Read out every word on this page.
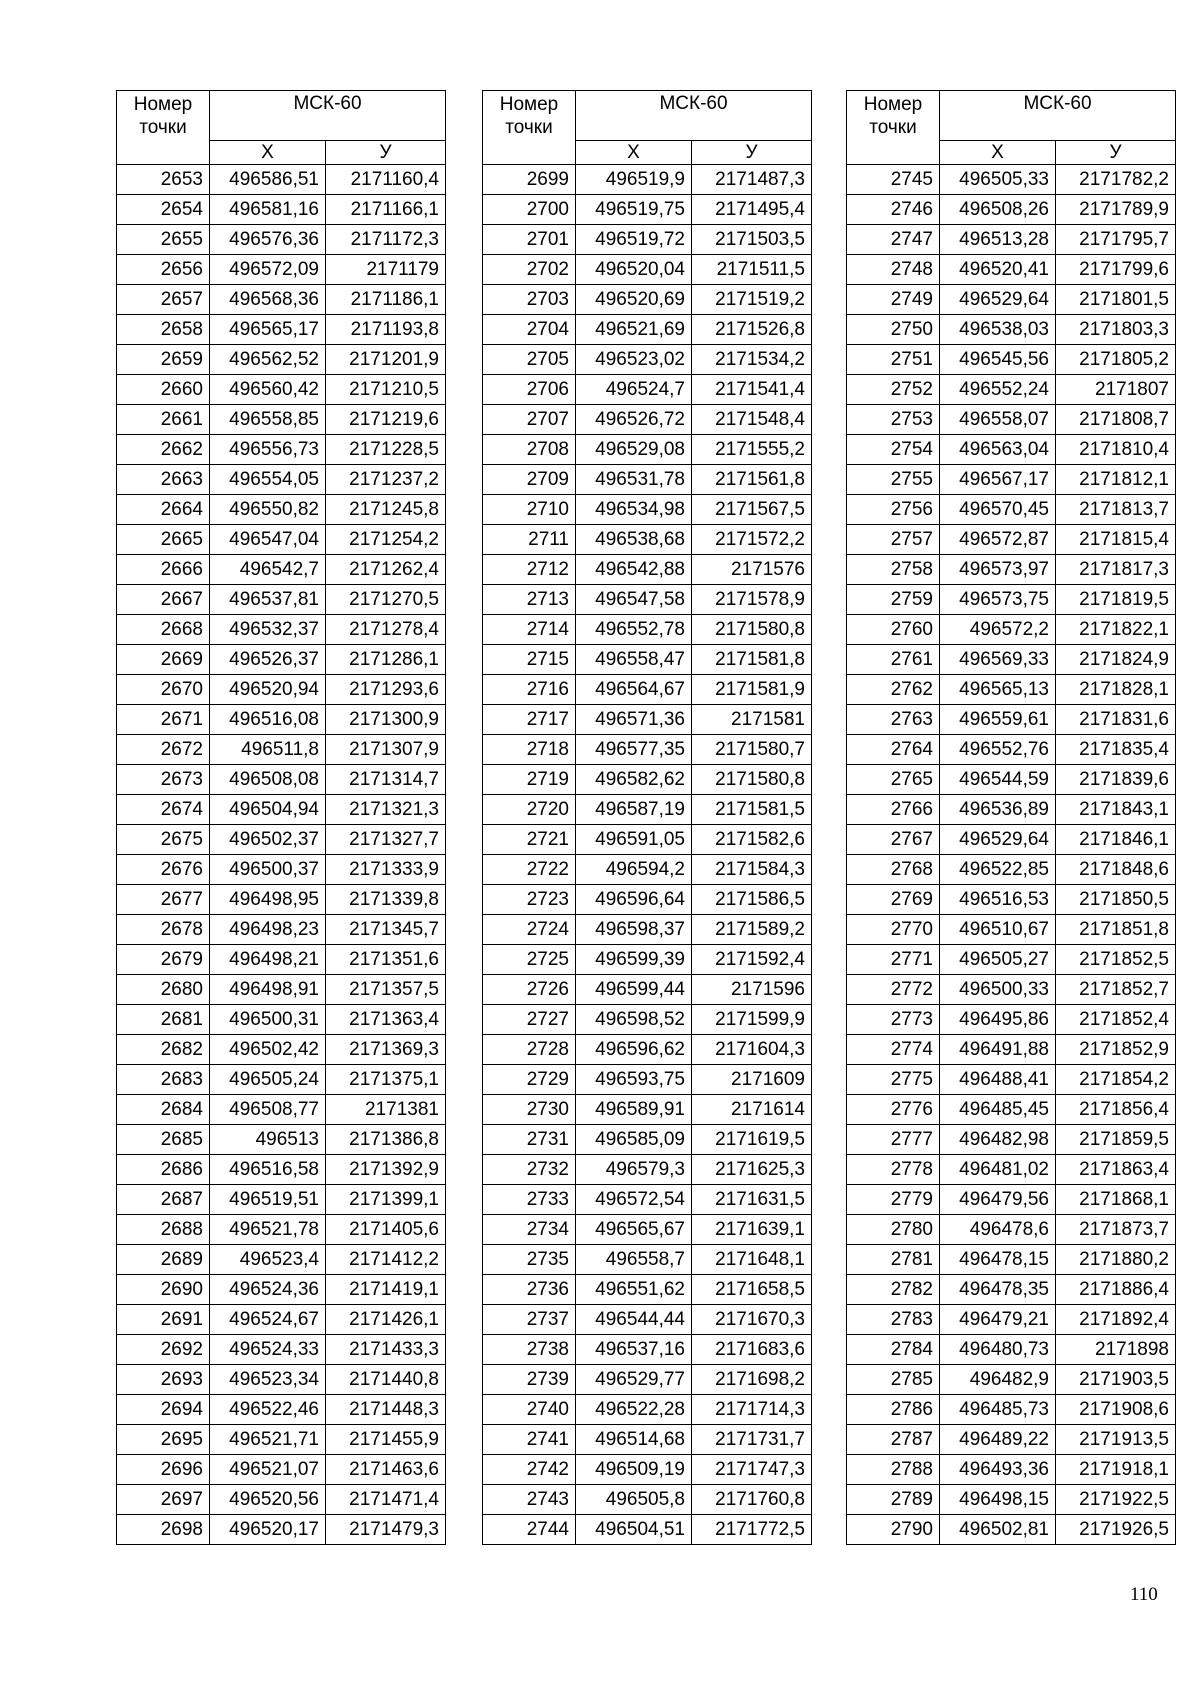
Номер точки	МСК-60	
	Х	У
2653	496586,51	2171160,4
2654	496581,16	2171166,1
2655	496576,36	2171172,3
2656	496572,09	2171179
2657	496568,36	2171186,1
2658	496565,17	2171193,8
2659	496562,52	2171201,9
2660	496560,42	2171210,5
2661	496558,85	2171219,6
2662	496556,73	2171228,5
2663	496554,05	2171237,2
2664	496550,82	2171245,8
2665	496547,04	2171254,2
2666	496542,7	2171262,4
2667	496537,81	2171270,5
2668	496532,37	2171278,4
2669	496526,37	2171286,1
2670	496520,94	2171293,6
2671	496516,08	2171300,9
2672	496511,8	2171307,9
2673	496508,08	2171314,7
2674	496504,94	2171321,3
2675	496502,37	2171327,7
2676	496500,37	2171333,9
2677	496498,95	2171339,8
2678	496498,23	2171345,7
2679	496498,21	2171351,6
2680	496498,91	2171357,5
2681	496500,31	2171363,4
2682	496502,42	2171369,3
2683	496505,24	2171375,1
2684	496508,77	2171381
2685	496513	2171386,8
2686	496516,58	2171392,9
2687	496519,51	2171399,1
2688	496521,78	2171405,6
2689	496523,4	2171412,2
2690	496524,36	2171419,1
2691	496524,67	2171426,1
2692	496524,33	2171433,3
2693	496523,34	2171440,8
2694	496522,46	2171448,3
2695	496521,71	2171455,9
2696	496521,07	2171463,6
2697	496520,56	2171471,4
2698	496520,17	2171479,3
Номер точки	МСК-60	
	Х	У
2699	496519,9	2171487,3
2700	496519,75	2171495,4
2701	496519,72	2171503,5
2702	496520,04	2171511,5
2703	496520,69	2171519,2
2704	496521,69	2171526,8
2705	496523,02	2171534,2
2706	496524,7	2171541,4
2707	496526,72	2171548,4
2708	496529,08	2171555,2
2709	496531,78	2171561,8
2710	496534,98	2171567,5
2711	496538,68	2171572,2
2712	496542,88	2171576
2713	496547,58	2171578,9
2714	496552,78	2171580,8
2715	496558,47	2171581,8
2716	496564,67	2171581,9
2717	496571,36	2171581
2718	496577,35	2171580,7
2719	496582,62	2171580,8
2720	496587,19	2171581,5
2721	496591,05	2171582,6
2722	496594,2	2171584,3
2723	496596,64	2171586,5
2724	496598,37	2171589,2
2725	496599,39	2171592,4
2726	496599,44	2171596
2727	496598,52	2171599,9
2728	496596,62	2171604,3
2729	496593,75	2171609
2730	496589,91	2171614
2731	496585,09	2171619,5
2732	496579,3	2171625,3
2733	496572,54	2171631,5
2734	496565,67	2171639,1
2735	496558,7	2171648,1
2736	496551,62	2171658,5
2737	496544,44	2171670,3
2738	496537,16	2171683,6
2739	496529,77	2171698,2
2740	496522,28	2171714,3
2741	496514,68	2171731,7
2742	496509,19	2171747,3
2743	496505,8	2171760,8
2744	496504,51	2171772,5
Номер точки	МСК-60	
	Х	У
2745	496505,33	2171782,2
2746	496508,26	2171789,9
2747	496513,28	2171795,7
2748	496520,41	2171799,6
2749	496529,64	2171801,5
2750	496538,03	2171803,3
2751	496545,56	2171805,2
2752	496552,24	2171807
2753	496558,07	2171808,7
2754	496563,04	2171810,4
2755	496567,17	2171812,1
2756	496570,45	2171813,7
2757	496572,87	2171815,4
2758	496573,97	2171817,3
2759	496573,75	2171819,5
2760	496572,2	2171822,1
2761	496569,33	2171824,9
2762	496565,13	2171828,1
2763	496559,61	2171831,6
2764	496552,76	2171835,4
2765	496544,59	2171839,6
2766	496536,89	2171843,1
2767	496529,64	2171846,1
2768	496522,85	2171848,6
2769	496516,53	2171850,5
2770	496510,67	2171851,8
2771	496505,27	2171852,5
2772	496500,33	2171852,7
2773	496495,86	2171852,4
2774	496491,88	2171852,9
2775	496488,41	2171854,2
2776	496485,45	2171856,4
2777	496482,98	2171859,5
2778	496481,02	2171863,4
2779	496479,56	2171868,1
2780	496478,6	2171873,7
2781	496478,15	2171880,2
2782	496478,35	2171886,4
2783	496479,21	2171892,4
2784	496480,73	2171898
2785	496482,9	2171903,5
2786	496485,73	2171908,6
2787	496489,22	2171913,5
2788	496493,36	2171918,1
2789	496498,15	2171922,5
2790	496502,81	2171926,5
110
